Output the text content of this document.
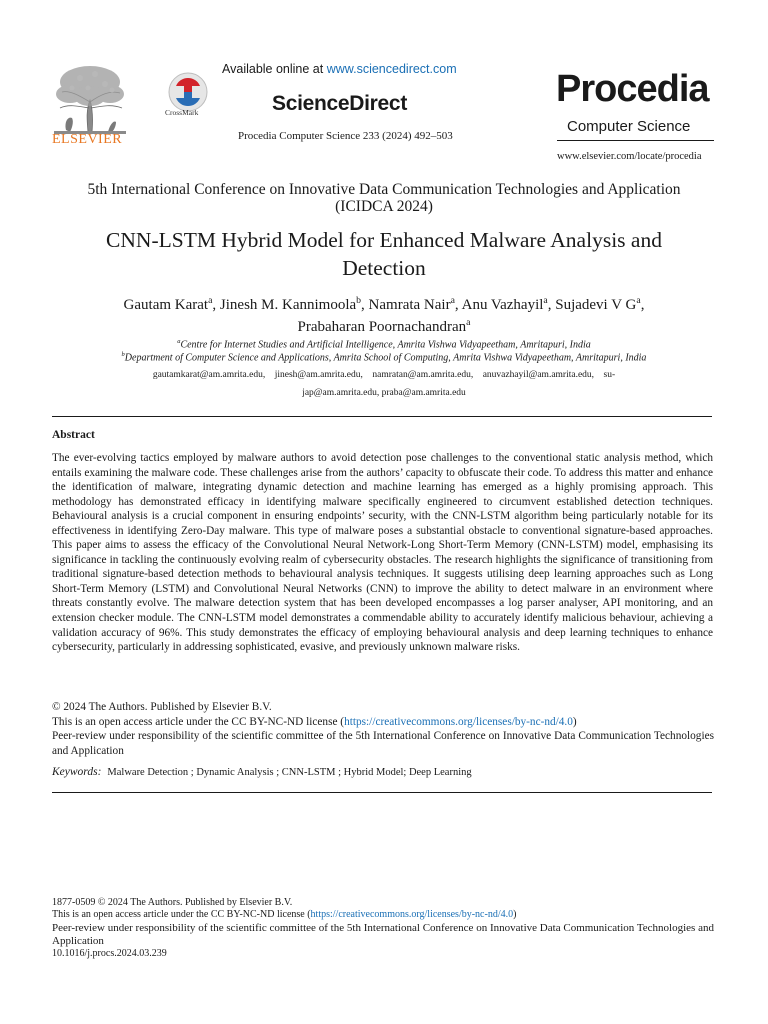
ELSEVIER
CrossMark
Available online at www.sciencedirect.com
ScienceDirect
Procedia Computer Science 233 (2024) 492–503
Procedia
Computer Science
www.elsevier.com/locate/procedia
5th International Conference on Innovative Data Communication Technologies and Application
(ICIDCA 2024)
CNN-LSTM Hybrid Model for Enhanced Malware Analysis and
Detection
Gautam Karat$^a$, Jinesh M. Kannimoola$^b$, Namrata Nair$^a$, Anu Vazhayil$^a$, Sujadevi V $G^a$,
Prabaharan Poornachandran$^a$
$^a$Centre for Internet Studies and Artificial Intelligence, Amrita Vishwa Vidyapeetham, Amritapuri, India
$^b$Department of Computer Science and Applications, Amrita School of Computing, Amrita Vishwa Vidyapeetham, Amritapuri, India
gautamkarat@am.amrita.edu,    jinesh@am.amrita.edu,    namratan@am.amrita.edu,    anuvazhayil@am.amrita.edu,    su-
jap@am.amrita.edu, praba@am.amrita.edu
Abstract
The ever-evolving tactics employed by malware authors to avoid detection pose challenges to the conventional static analysis method, which entails examining the malware code. These challenges arise from the authors’ capacity to obfuscate their code. To address this matter and enhance the identification of malware, integrating dynamic detection and machine learning has emerged as a highly promising approach. This methodology has demonstrated efficacy in identifying malware specifically engineered to circumvent established detection techniques. Behavioural analysis is a crucial component in ensuring endpoints’ security, with the CNN-LSTM algorithm being particularly notable for its effectiveness in identifying Zero-Day malware. This type of malware poses a substantial obstacle to conventional signature-based approaches. This paper aims to assess the efficacy of the Convolutional Neural Network-Long Short-Term Memory (CNN-LSTM) model, emphasising its significance in tackling the continuously evolving realm of cybersecurity obstacles. The research highlights the significance of transitioning from traditional signature-based detection methods to behavioural analysis techniques. It suggests utilising deep learning approaches such as Long Short-Term Memory (LSTM) and Convolutional Neural Networks (CNN) to improve the ability to detect malware in an environment where threats constantly evolve. The malware detection system that has been developed encompasses a log parser analyser, API monitoring, and an extension checker module. The CNN-LSTM model demonstrates a commendable ability to accurately identify malicious behaviour, achieving a validation accuracy of 96%. This study demonstrates the efficacy of employing behavioural analysis and deep learning techniques to enhance cybersecurity, particularly in addressing sophisticated, evasive, and previously unknown malware risks.
© 2024 The Authors. Published by Elsevier B.V.
This is an open access article under the CC BY-NC-ND license (https://creativecommons.org/licenses/by-nc-nd/4.0)
Peer-review under responsibility of the scientific committee of the 5th International Conference on Innovative Data Communication Technologies and Application
Keywords: Malware Detection ; Dynamic Analysis ; CNN-LSTM ; Hybrid Model; Deep Learning
1877-0509 © 2024 The Authors. Published by Elsevier B.V.
This is an open access article under the CC BY-NC-ND license (https://creativecommons.org/licenses/by-nc-nd/4.0)
Peer-review under responsibility of the scientific committee of the 5th International Conference on Innovative Data Communication Technologies and Application
10.1016/j.procs.2024.03.239
